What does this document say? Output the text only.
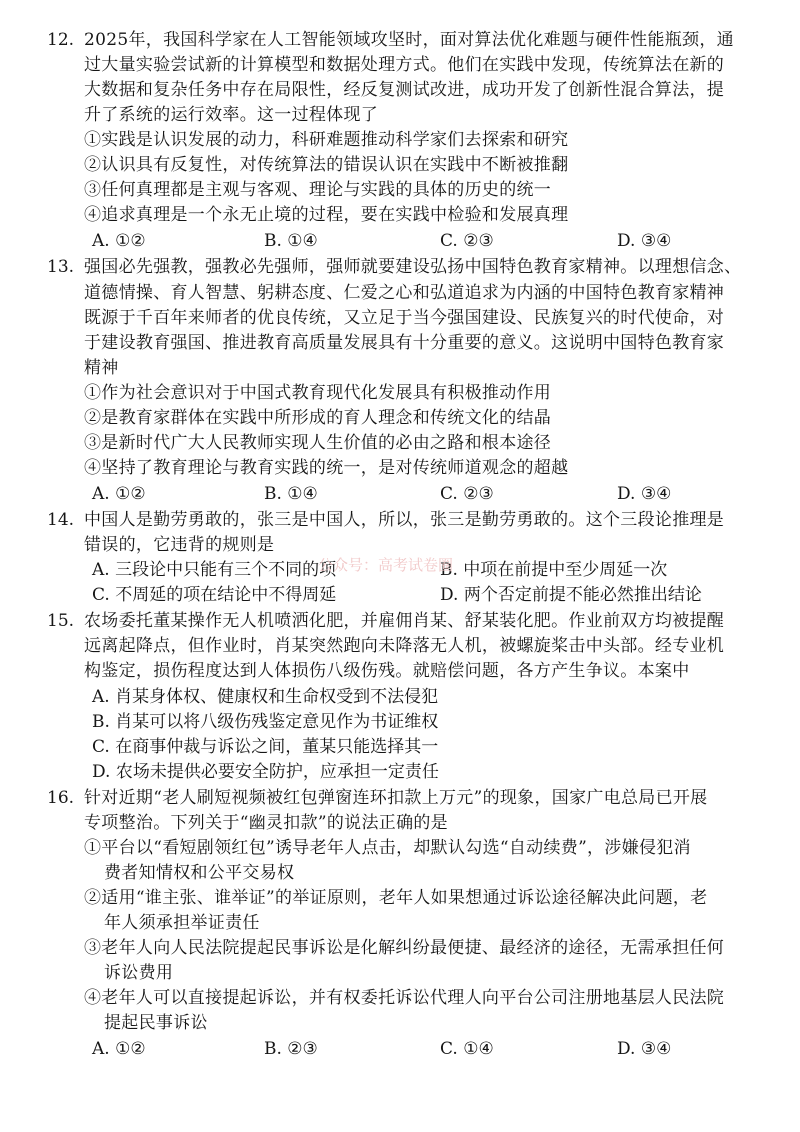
12. 2025年，我国科学家在人工智能领域攻坚时，面对算法优化难题与硬件性能瓶颈，通

过大量实验尝试新的计算模型和数据处理方式。他们在实践中发现，传统算法在新的

大数据和复杂任务中存在局限性，经反复测试改进，成功开发了创新性混合算法，提

升了系统的运行效率。这一过程体现了

①实践是认识发展的动力，科研难题推动科学家们去探索和研究

②认识具有反复性，对传统算法的错误认识在实践中不断被推翻

③任何真理都是主观与客观、理论与实践的具体的历史的统一

④追求真理是一个永无止境的过程，要在实践中检验和发展真理

A. ①②	B. ①④	C. ②③	D. ③④

13. 强国必先强教，强教必先强师，强师就要建设弘扬中国特色教育家精神。以理想信念、

道德情操、育人智慧、躬耕态度、仁爱之心和弘道追求为内涵的中国特色教育家精神

既源于千百年来师者的优良传统，又立足于当今强国建设、民族复兴的时代使命，对

于建设教育强国、推进教育高质量发展具有十分重要的意义。这说明中国特色教育家

精神

①作为社会意识对于中国式教育现代化发展具有积极推动作用

②是教育家群体在实践中所形成的育人理念和传统文化的结晶

③是新时代广大人民教师实现人生价值的必由之路和根本途径

④坚持了教育理论与教育实践的统一，是对传统师道观念的超越

A. ①②	B. ①④	C. ②③	D. ③④

14. 中国人是勤劳勇敢的，张三是中国人，所以，张三是勤劳勇敢的。这个三段论推理是

错误的，它违背的规则是

A. 三段论中只能有三个不同的项	B. 中项在前提中至少周延一次

C. 不周延的项在结论中不得周延	D. 两个否定前提不能必然推出结论

15. 农场委托董某操作无人机喷洒化肥，并雇佣肖某、舒某装化肥。作业前双方均被提醒

远离起降点，但作业时，肖某突然跑向未降落无人机，被螺旋桨击中头部。经专业机

构鉴定，损伤程度达到人体损伤八级伤残。就赔偿问题，各方产生争议。本案中

A. 肖某身体权、健康权和生命权受到不法侵犯

B. 肖某可以将八级伤残鉴定意见作为书证维权

C. 在商事仲裁与诉讼之间，董某只能选择其一

D. 农场未提供必要安全防护，应承担一定责任

16. 针对近期“老人刷短视频被红包弹窗连环扣款上万元”的现象，国家广电总局已开展

专项整治。下列关于“幽灵扣款”的说法正确的是

①平台以“看短剧领红包”诱导老年人点击，却默认勾选“自动续费”，涉嫌侵犯消

费者知情权和公平交易权

②适用“谁主张、谁举证”的举证原则，老年人如果想通过诉讼途径解决此问题，老

年人须承担举证责任

③老年人向人民法院提起民事诉讼是化解纠纷最便捷、最经济的途径，无需承担任何

诉讼费用

④老年人可以直接提起诉讼，并有权委托诉讼代理人向平台公司注册地基层人民法院

提起民事诉讼

A. ①②	B. ②③	C. ①④	D. ③④

公众号：高考试卷圈
